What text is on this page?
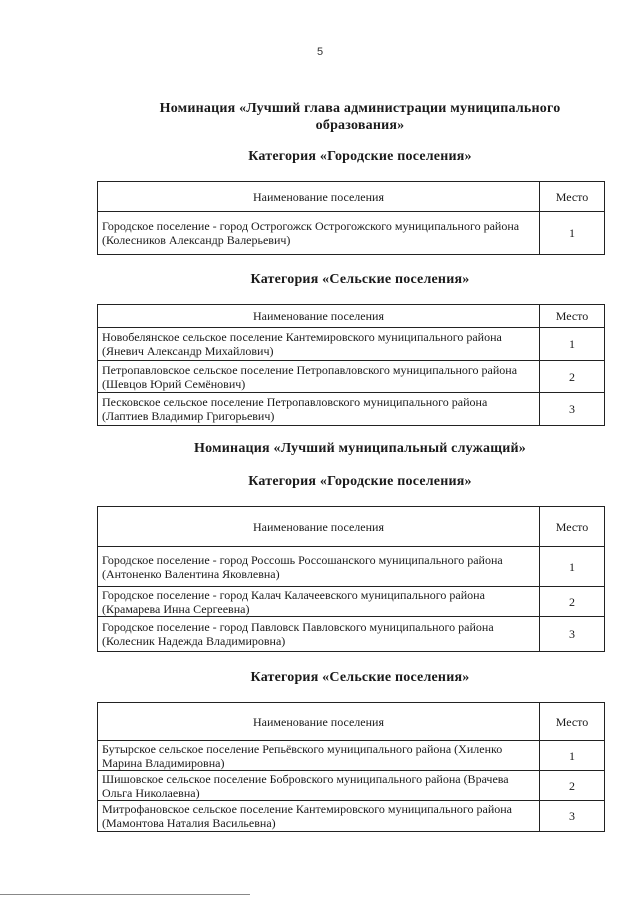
5
Номинация «Лучший глава администрации муниципального образования»
Категория «Городские поселения»
Наименование поселения	Место
Городское поселение - город Острогожск Острогожского муниципального района (Колесников Александр Валерьевич)	1
Категория «Сельские поселения»
Наименование поселения	Место
Новобелянское сельское поселение Кантемировского муниципального района (Яневич Александр Михайлович)	1
Петропавловское сельское поселение Петропавловского муниципального района (Шевцов Юрий Семёнович)	2
Песковское сельское поселение Петропавловского муниципального района (Лаптиев Владимир Григорьевич)	3
Номинация «Лучший муниципальный служащий»
Категория «Городские поселения»
Наименование поселения	Место
Городское поселение - город Россошь Россошанского муниципального района (Антоненко Валентина Яковлевна)	1
Городское поселение - город Калач Калачеевского муниципального района (Крамарева Инна Сергеевна)	2
Городское поселение - город Павловск Павловского муниципального района (Колесник Надежда Владимировна)	3
Категория «Сельские поселения»
Наименование поселения	Место
Бутырское сельское поселение Репьёвского муниципального района (Хиленко Марина Владимировна)	1
Шишовское сельское поселение Бобровского муниципального района (Врачева Ольга Николаевна)	2
Митрофановское сельское поселение Кантемировского муниципального района (Мамонтова Наталия Васильевна)	3
